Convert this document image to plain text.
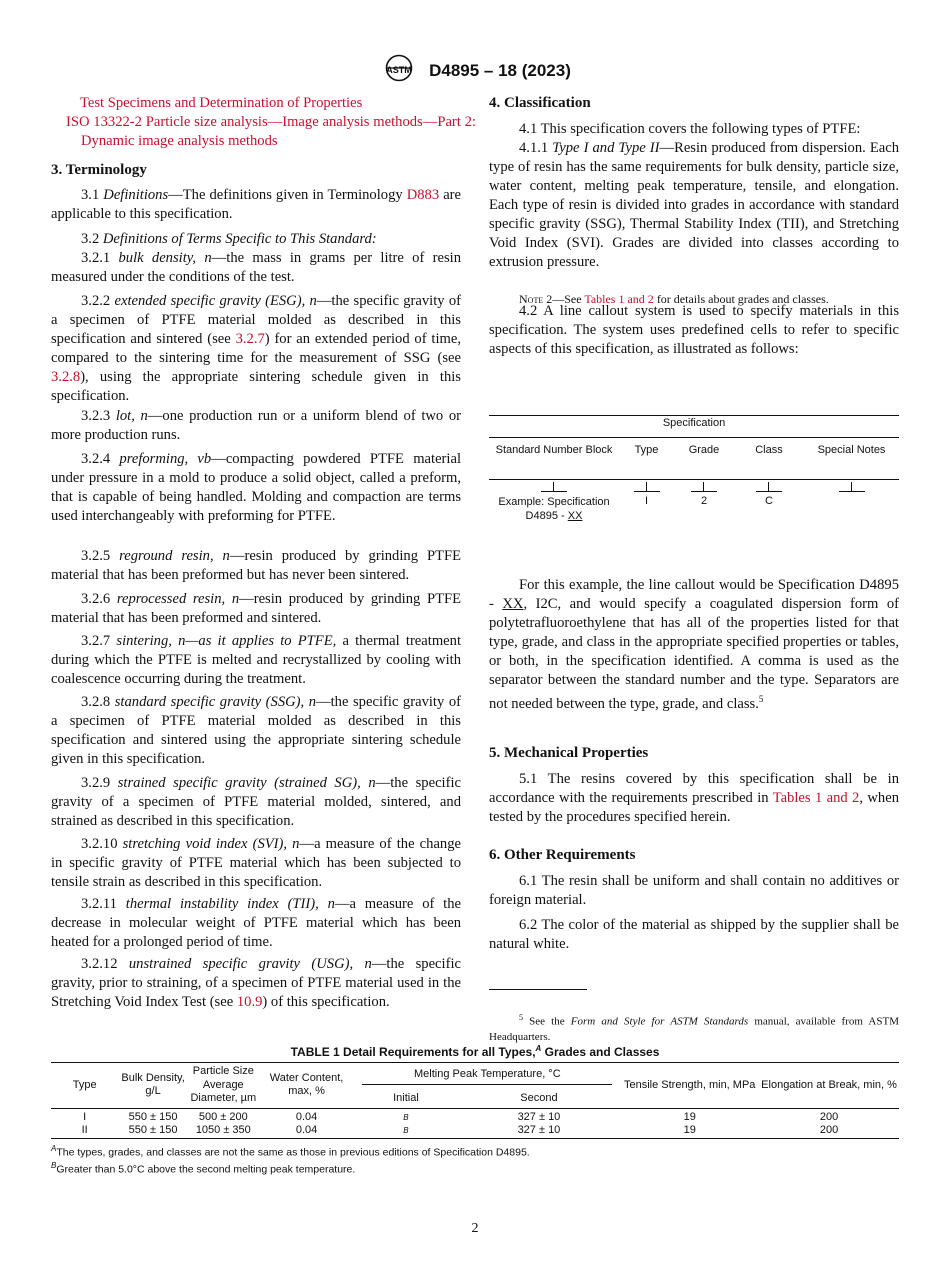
ASTM D4895 – 18 (2023)

Test Specimens and Determination of Properties

ISO 13322-2 Particle size analysis—Image analysis methods—Part 2: Dynamic image analysis methods

3. Terminology

3.1 Definitions—The definitions given in Terminology D883 are applicable to this specification.

3.2 Definitions of Terms Specific to This Standard:

3.2.1 bulk density, n—the mass in grams per litre of resin measured under the conditions of the test.

3.2.2 extended specific gravity (ESG), n—the specific gravity of a specimen of PTFE material molded as described in this specification and sintered (see 3.2.7) for an extended period of time, compared to the sintering time for the measurement of SSG (see 3.2.8), using the appropriate sintering schedule given in this specification.

3.2.3 lot, n—one production run or a uniform blend of two or more production runs.

3.2.4 preforming, vb—compacting powdered PTFE material under pressure in a mold to produce a solid object, called a preform, that is capable of being handled. Molding and compaction are terms used interchangeably with preforming for PTFE.

3.2.5 reground resin, n—resin produced by grinding PTFE material that has been preformed but has never been sintered.

3.2.6 reprocessed resin, n—resin produced by grinding PTFE material that has been preformed and sintered.

3.2.7 sintering, n—as it applies to PTFE, a thermal treatment during which the PTFE is melted and recrystallized by cooling with coalescence occurring during the treatment.

3.2.8 standard specific gravity (SSG), n—the specific gravity of a specimen of PTFE material molded as described in this specification and sintered using the appropriate sintering schedule given in this specification.

3.2.9 strained specific gravity (strained SG), n—the specific gravity of a specimen of PTFE material molded, sintered, and strained as described in this specification.

3.2.10 stretching void index (SVI), n—a measure of the change in specific gravity of PTFE material which has been subjected to tensile strain as described in this specification.

3.2.11 thermal instability index (TII), n—a measure of the decrease in molecular weight of PTFE material which has been heated for a prolonged period of time.

3.2.12 unstrained specific gravity (USG), n—the specific gravity, prior to straining, of a specimen of PTFE material used in the Stretching Void Index Test (see 10.9) of this specification.

4. Classification

4.1 This specification covers the following types of PTFE:

4.1.1 Type I and Type II—Resin produced from dispersion. Each type of resin has the same requirements for bulk density, particle size, water content, melting peak temperature, tensile, and elongation. Each type of resin is divided into grades in accordance with standard specific gravity (SSG), Thermal Stability Index (TII), and Stretching Void Index (SVI). Grades are divided into classes according to extrusion pressure.

Note 2—See Tables 1 and 2 for details about grades and classes.

4.2 A line callout system is used to specify materials in this specification. The system uses predefined cells to refer to specific aspects of this specification, as illustrated as follows:

Specification				
Standard Number Block	Type	Grade	Class	Special Notes

Example: Specification D4895 - XX	I	2	C	

For this example, the line callout would be Specification D4895 - XX, I2C, and would specify a coagulated dispersion form of polytetrafluoroethylene that has all of the properties listed for that type, grade, and class in the appropriate specified properties or tables, or both, in the specification identified. A comma is used as the separator between the standard number and the type. Separators are not needed between the type, grade, and class.$^5$

5. Mechanical Properties

5.1 The resins covered by this specification shall be in accordance with the requirements prescribed in Tables 1 and 2, when tested by the procedures specified herein.

6. Other Requirements

6.1 The resin shall be uniform and shall contain no additives or foreign material.

6.2 The color of the material as shipped by the supplier shall be natural white.

$^5$ See the Form and Style for ASTM Standards manual, available from ASTM Headquarters.

TABLE 1 Detail Requirements for all Types,$^A$ Grades and Classes
Type	Bulk Density, g/L	Particle Size Average Diameter, µm	Water Content, max, %	Melting Peak Temperature, °C		Tensile Strength, min, MPa	Elongation at Break, min, %
				Initial	Second		
I	550 ± 150	500 ± 200	0.04	B	327 ± 10	19	200
II	550 ± 150	1050 ± 350	0.04	B	327 ± 10	19	200
$^A$The types, grades, and classes are not the same as those in previous editions of Specification D4895.
$^B$Greater than 5.0°C above the second melting peak temperature.
2
